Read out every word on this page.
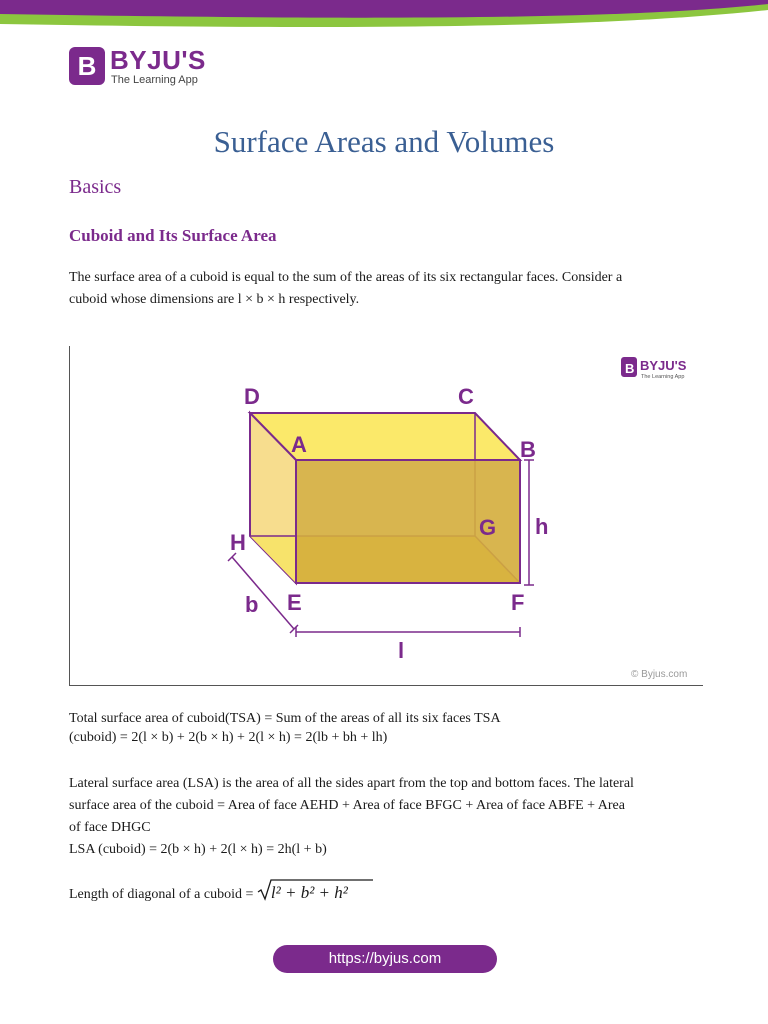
B BYJU'S
The Learning App
Surface Areas and Volumes
Basics
Cuboid and Its Surface Area

The surface area of a cuboid is equal to the sum of the areas of its six rectangular faces. Consider a
cuboid whose dimensions are l × b × h respectively.

D	C
A	B
G
H
E	F
h
b
l
B BYJU'S
The Learning App
© Byjus.com

Total surface area of cuboid(TSA) = Sum of the areas of all its six faces TSA
(cuboid) = 2(l × b) + 2(b × h) + 2(l × h) = 2(lb + bh + lh)

Lateral surface area (LSA) is the area of all the sides apart from the top and bottom faces. The lateral
surface area of the cuboid = Area of face AEHD + Area of face BFGC + Area of face ABFE + Area
of face DHGC
LSA (cuboid) = 2(b × h) + 2(l × h) = 2h(l + b)

Length of diagonal of a cuboid = l² + b² + h²

https://byjus.com
